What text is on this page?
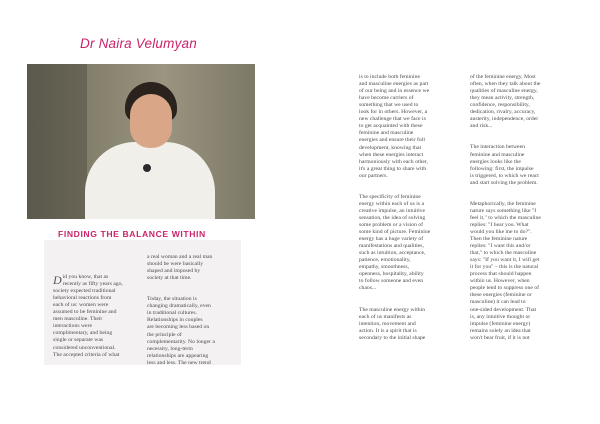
Dr Naira Velumyan
FINDING THE BALANCE WITHIN

Did you know, that as
recently as fifty years ago,
society expected traditional
behavioral reactions from
each of us: women were
assumed to be feminine and
men masculine. Their
interactions were
complimentary, and being
single or separate was
considered unconventional.
The accepted criteria of what

a real woman and a real man
should be were basically
shaped and imposed by
society at that time.

Today, the situation is
changing dramatically, even
in traditional cultures.
Relationships in couples
are becoming less based on
the principle of
complementarity. No longer a
necessity, long-term
relationships are appearing
less and less. The new trend

is to include both feminine
and masculine energies as part
of our being and in essence we
have become carriers of
something that we used to
look for in others. However, a
new challenge that we face is
to get acquainted with these
feminine and masculine
energies and ensure their full
development, knowing that
when these energies interact
harmoniously with each other,
it's a great thing to share with
our partners.

The specificity of feminine
energy within each of us is a
creative impulse, an intuitive
sensation, the idea of solving
some problem or a vision of
some kind of picture. Feminine
energy has a huge variety of
manifestations and qualities,
such as intuition, acceptance,
patience, emotionality,
empathy, smoothness,
openness, hospitality, ability
to follow someone and even
chaos...

The masculine energy within
each of us manifests as
intention, movement and
action. It is a spirit that is
secondary to the initial shape

of the feminine energy. Most
often, when they talk about the
qualities of masculine energy,
they mean activity, strength,
confidence, responsibility,
dedication, rivalry, accuracy,
austerity, independence, order
and risk...

The interaction between
feminine and masculine
energies looks like the
following: first, the impulse
is triggered, to which we react
and start solving the problem.

Metaphorically, the feminine
nature says something like "I
feel it," to which the masculine
replies: "I hear you. What
would you like me to do?".
Then the feminine nature
replies: "I want this and/or
that," to which the masculine
says: "If you want it, I will get
it for you" – this is the natural
process that should happen
within us. However, when
people tend to suppress one of
these energies (feminine or
masculine) it can lead to
one-sided development. That
is, any intuitive thought or
impulse (feminine energy)
remains solely an idea that
won't bear fruit, if it is not
